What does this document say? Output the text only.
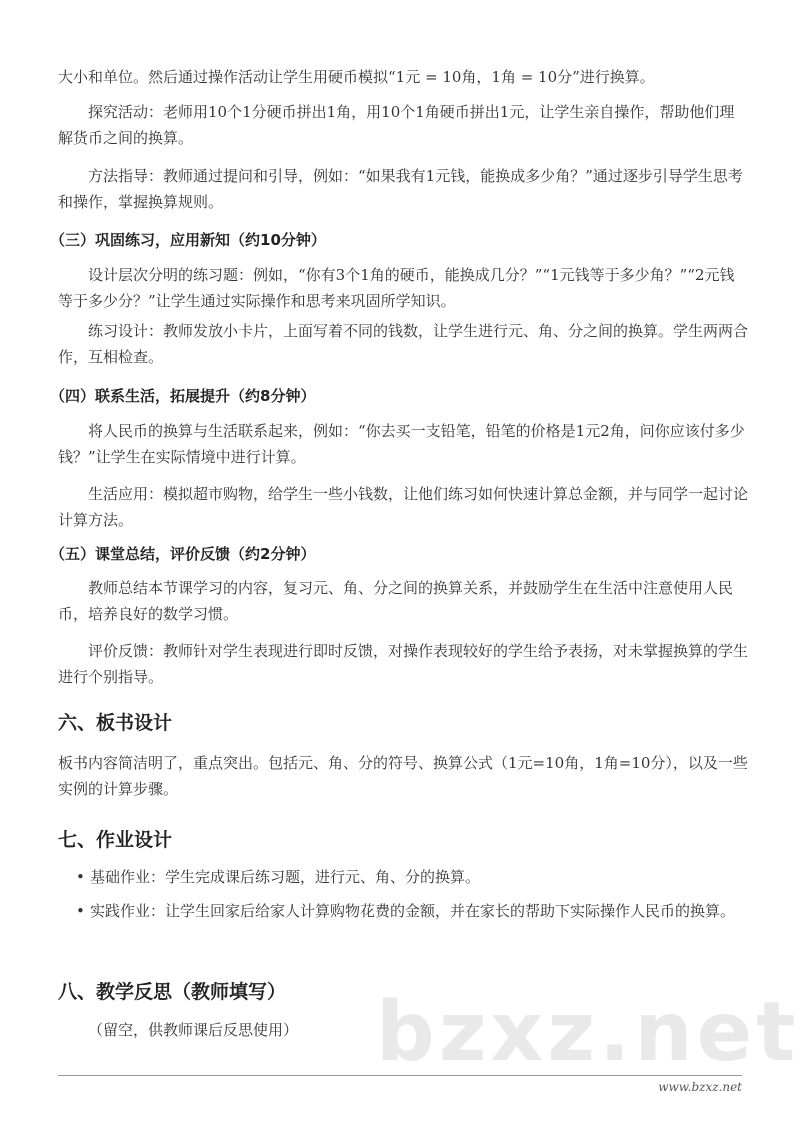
大小和单位。然后通过操作活动让学生用硬币模拟“1元 = 10角，1角 = 10分”进行换算。

探究活动：老师用10个1分硬币拼出1角，用10个1角硬币拼出1元，让学生亲自操作，帮助他们理解货币之间的换算。

方法指导：教师通过提问和引导，例如：“如果我有1元钱，能换成多少角？”通过逐步引导学生思考和操作，掌握换算规则。

（三）巩固练习，应用新知（约10分钟）

设计层次分明的练习题：例如，“你有3个1角的硬币，能换成几分？”“1元钱等于多少角？”“2元钱等于多少分？”让学生通过实际操作和思考来巩固所学知识。

练习设计：教师发放小卡片，上面写着不同的钱数，让学生进行元、角、分之间的换算。学生两两合作，互相检查。

（四）联系生活，拓展提升（约8分钟）

将人民币的换算与生活联系起来，例如：“你去买一支铅笔，铅笔的价格是1元2角，问你应该付多少钱？”让学生在实际情境中进行计算。

生活应用：模拟超市购物，给学生一些小钱数，让他们练习如何快速计算总金额，并与同学一起讨论计算方法。

（五）课堂总结，评价反馈（约2分钟）

教师总结本节课学习的内容，复习元、角、分之间的换算关系，并鼓励学生在生活中注意使用人民币，培养良好的数学习惯。

评价反馈：教师针对学生表现进行即时反馈，对操作表现较好的学生给予表扬，对未掌握换算的学生进行个别指导。

六、板书设计

板书内容简洁明了，重点突出。包括元、角、分的符号、换算公式（1元=10角，1角=10分），以及一些实例的计算步骤。

七、作业设计
• 基础作业：学生完成课后练习题，进行元、角、分的换算。
• 实践作业：让学生回家后给家人计算购物花费的金额，并在家长的帮助下实际操作人民币的换算。
八、教学反思（教师填写）

（留空，供教师课后反思使用） bzxz.net
www.bzxz.net
